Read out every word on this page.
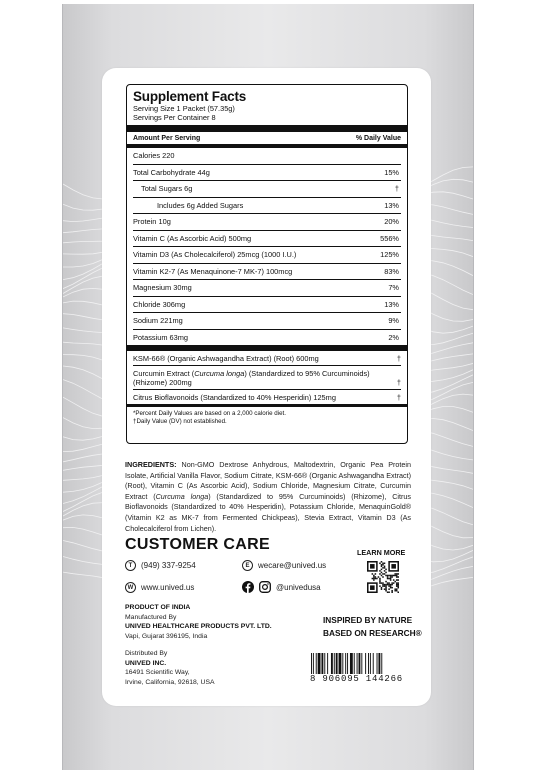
Supplement Facts
Serving Size 1 Packet (57.35g)
Servings Per Container 8
Amount Per Serving	% Daily Value
Calories 220
Total Carbohydrate 44g	15%
Total Sugars 6g	†
Includes 6g Added Sugars	13%
Protein 10g	20%
Vitamin C (As Ascorbic Acid) 500mg	556%
Vitamin D3 (As Cholecalciferol) 25mcg (1000 I.U.)	125%
Vitamin K2-7 (As Menaquinone-7 MK-7) 100mcg	83%
Magnesium 30mg	7%
Chloride 306mg	13%
Sodium 221mg	9%
Potassium 63mg	2%
KSM-66® (Organic Ashwagandha Extract) (Root) 600mg	†
Curcumin Extract (Curcuma longa) (Standardized to 95% Curcuminoids) (Rhizome) 200mg	†
Citrus Bioflavonoids (Standardized to 40% Hesperidin) 125mg	†
*Percent Daily Values are based on a 2,000 calorie diet.
†Daily Value (DV) not established.
INGREDIENTS: Non-GMO Dextrose Anhydrous, Maltodextrin, Organic Pea Protein Isolate, Artificial Vanilla Flavor, Sodium Citrate, KSM-66® (Organic Ashwagandha Extract) (Root), Vitamin C (As Ascorbic Acid), Sodium Chloride, Magnesium Citrate, Curcumin Extract (Curcuma longa) (Standardized to 95% Curcuminoids) (Rhizome), Citrus Bioflavonoids (Standardized to 40% Hesperidin), Potassium Chloride, MenaquinGold® (Vitamin K2 as MK-7 from Fermented Chickpeas), Stevia Extract, Vitamin D3 (As Cholecalciferol from Lichen).
CUSTOMER CARE
T	(949) 337-9254	E	wecare@unived.us
W www.unived.us	@univedusa
LEARN MORE
PRODUCT OF INDIA
Manufactured By
UNIVED HEALTHCARE PRODUCTS PVT. LTD.
Vapi, Gujarat 396195, India
Distributed By
UNIVED INC.
16491 Scientific Way,
Irvine, California, 92618, USA
INSPIRED BY NATURE
BASED ON RESEARCH®
8 906095 144266
